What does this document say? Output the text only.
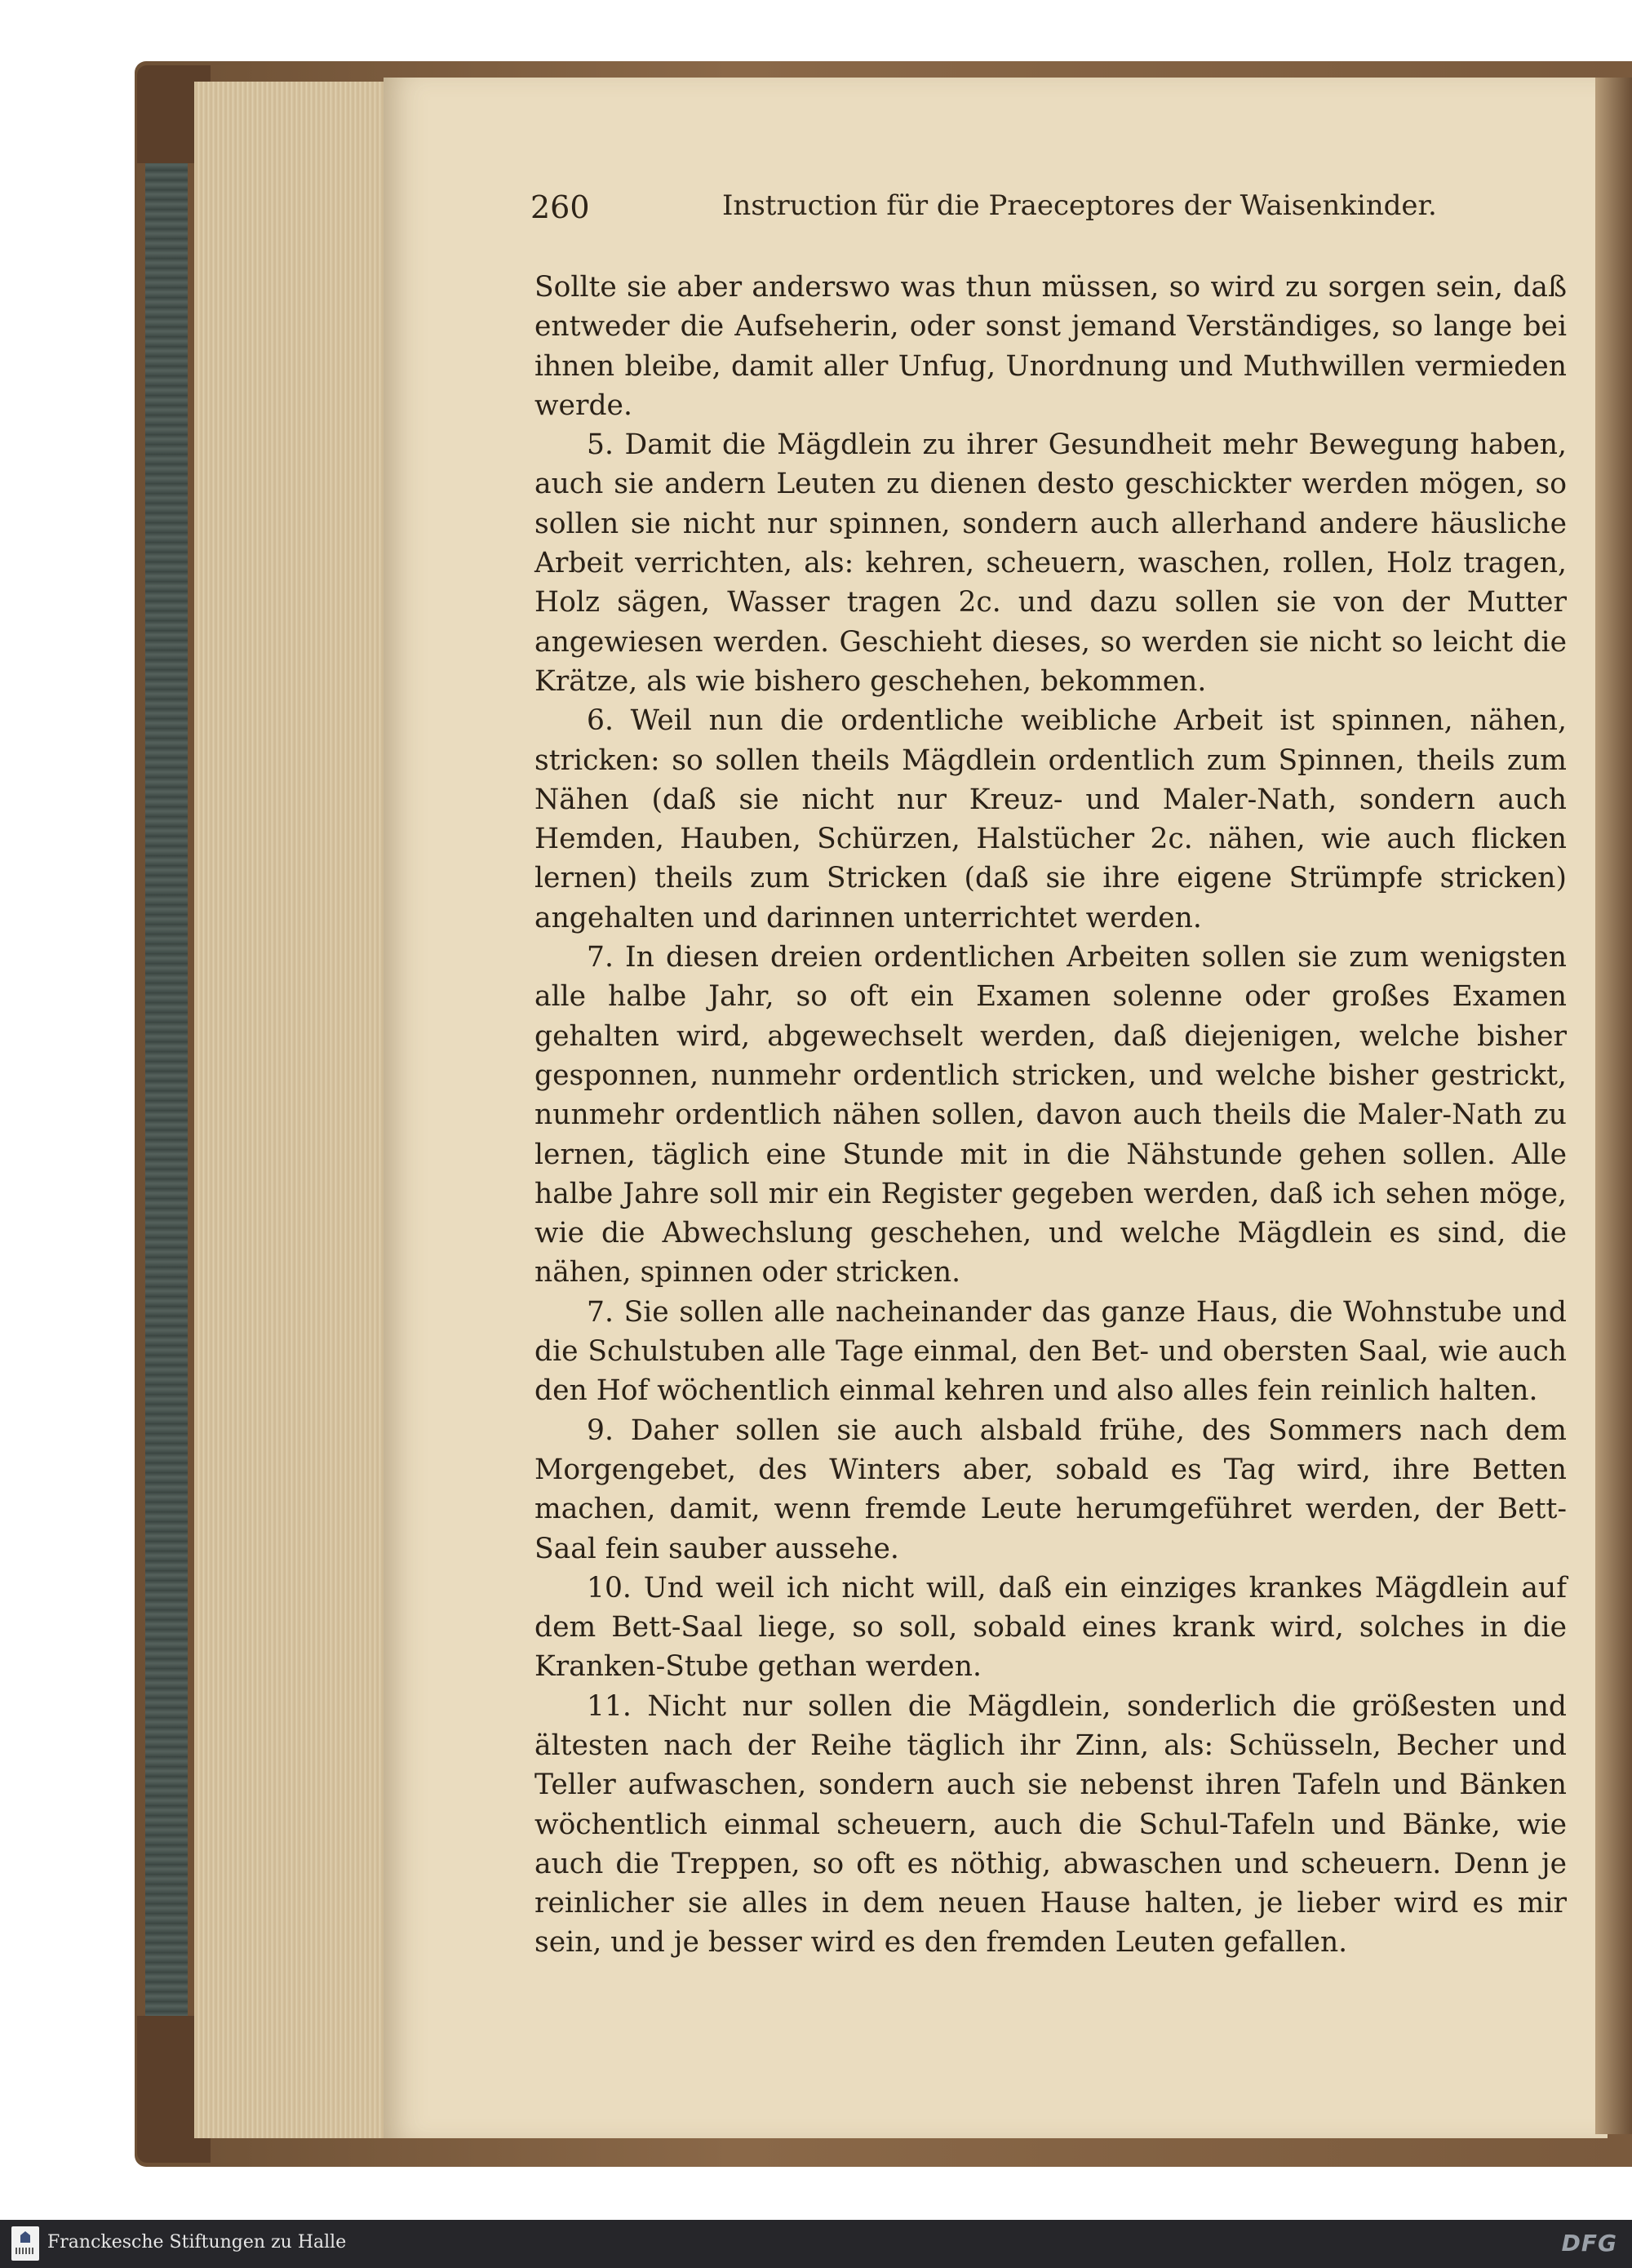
260	Instruction für die Praeceptores der Waisenkinder.

Sollte sie aber anderswo was thun müssen, so wird zu sorgen sein, daß entweder die Aufseherin, oder sonst jemand Verständiges, so lange bei ihnen bleibe, damit aller Unfug, Unordnung und Muthwillen vermieden werde.

5. Damit die Mägdlein zu ihrer Gesundheit mehr Bewegung haben, auch sie andern Leuten zu dienen desto geschickter werden mögen, so sollen sie nicht nur spinnen, sondern auch allerhand andere häusliche Arbeit verrichten, als: kehren, scheuern, waschen, rollen, Holz tragen, Holz sägen, Wasser tragen 2c. und dazu sollen sie von der Mutter angewiesen werden. Geschieht dieses, so werden sie nicht so leicht die Krätze, als wie bishero geschehen, bekommen.

6. Weil nun die ordentliche weibliche Arbeit ist spinnen, nähen, stricken: so sollen theils Mägdlein ordentlich zum Spinnen, theils zum Nähen (daß sie nicht nur Kreuz- und Maler-Nath, sondern auch Hemden, Hauben, Schürzen, Halstücher 2c. nähen, wie auch flicken lernen) theils zum Stricken (daß sie ihre eigene Strümpfe stricken) angehalten und darinnen unterrichtet werden.

7. In diesen dreien ordentlichen Arbeiten sollen sie zum wenigsten alle halbe Jahr, so oft ein Examen solenne oder großes Examen gehalten wird, abgewechselt werden, daß diejenigen, welche bisher gesponnen, nunmehr ordentlich stricken, und welche bisher gestrickt, nunmehr ordentlich nähen sollen, davon auch theils die Maler-Nath zu lernen, täglich eine Stunde mit in die Nähstunde gehen sollen. Alle halbe Jahre soll mir ein Register gegeben werden, daß ich sehen möge, wie die Abwechslung geschehen, und welche Mägdlein es sind, die nähen, spinnen oder stricken.

7. Sie sollen alle nacheinander das ganze Haus, die Wohnstube und die Schulstuben alle Tage einmal, den Bet- und obersten Saal, wie auch den Hof wöchentlich einmal kehren und also alles fein reinlich halten.

9. Daher sollen sie auch alsbald frühe, des Sommers nach dem Morgengebet, des Winters aber, sobald es Tag wird, ihre Betten machen, damit, wenn fremde Leute herumgeführet werden, der Bett-Saal fein sauber aussehe.

10. Und weil ich nicht will, daß ein einziges krankes Mägdlein auf dem Bett-Saal liege, so soll, sobald eines krank wird, solches in die Kranken-Stube gethan werden.

11. Nicht nur sollen die Mägdlein, sonderlich die größesten und ältesten nach der Reihe täglich ihr Zinn, als: Schüsseln, Becher und Teller aufwaschen, sondern auch sie nebenst ihren Tafeln und Bänken wöchentlich einmal scheuern, auch die Schul-Tafeln und Bänke, wie auch die Treppen, so oft es nöthig, abwaschen und scheuern. Denn je reinlicher sie alles in dem neuen Hause halten, je lieber wird es mir sein, und je besser wird es den fremden Leuten gefallen.

Franckesche Stiftungen zu Halle	DFG
